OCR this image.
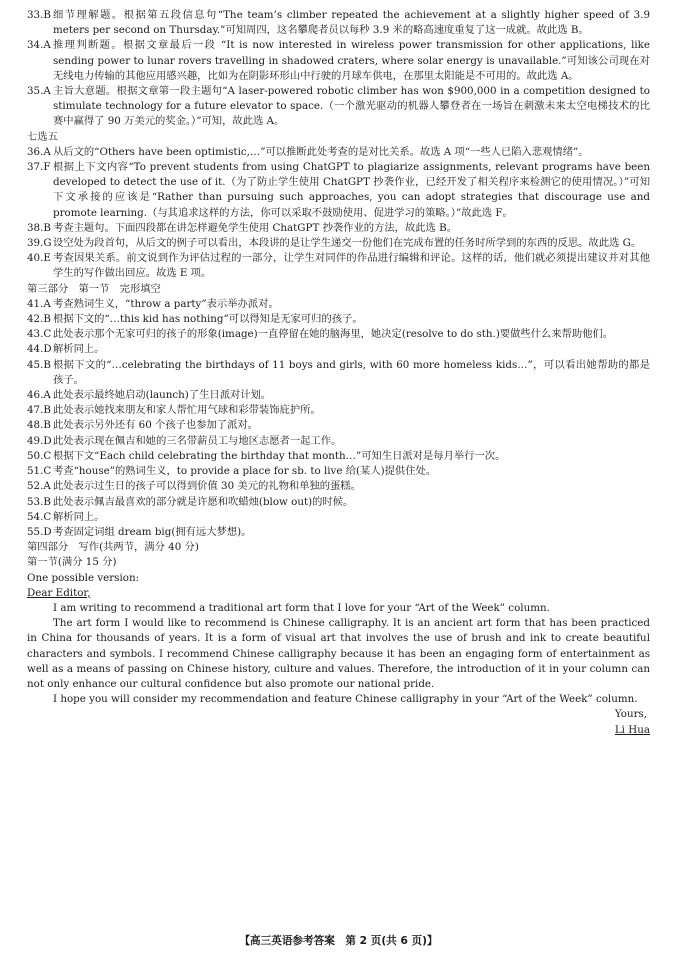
33.B 细节理解题。根据第五段信息句“The team’s climber repeated the achievement at a slightly higher speed of 3.9 meters per second on Thursday.”可知周四，这名攀爬者员以每秒 3.9 米的略高速度重复了这一成就。故此选 B。
34.A 推理判断题。根据文章最后一段 “It is now interested in wireless power transmission for other applications, like sending power to lunar rovers travelling in shadowed craters, where solar energy is unavailable.”可知该公司现在对无线电力传输的其他应用感兴趣，比如为在阴影环形山中行驶的月球车供电，在那里太阳能是不可用的。故此选 A。
35.A 主旨大意题。根据文章第一段主题句“A laser-powered robotic climber has won $900,000 in a competition designed to stimulate technology for a future elevator to space.（一个激光驱动的机器人攀登者在一场旨在刺激未来太空电梯技术的比赛中赢得了 90 万美元的奖金。）”可知，故此选 A。
七选五
36.A 从后文的“Others have been optimistic,…”可以推断此处考查的是对比关系。故选 A 项“一些人已陷入悲观情绪”。
37.F 根据上下文内容“To prevent students from using ChatGPT to plagiarize assignments, relevant programs have been developed to detect the use of it.（为了防止学生使用 ChatGPT 抄袭作业，已经开发了相关程序来检测它的使用情况。）”可知下文承接的应该是“Rather than pursuing such approaches, you can adopt strategies that discourage use and promote learning.（与其追求这样的方法，你可以采取不鼓励使用、促进学习的策略。）”故此选 F。
38.B 考查主题句。下面四段都在讲怎样避免学生使用 ChatGPT 抄袭作业的方法，故此选 B。
39.G 设空处为段首句，从后文的例子可以看出，本段讲的是让学生递交一份他们在完成布置的任务时所学到的东西的反思。故此选 G。
40.E 考查因果关系。前文说到作为评估过程的一部分，让学生对同伴的作品进行编辑和评论。这样的话，他们就必须提出建议并对其他学生的写作做出回应。故选 E 项。
第三部分　第一节　完形填空
41.A 考查熟词生义，“throw a party”表示举办派对。
42.B 根据下文的“…this kid has nothing”可以得知是无家可归的孩子。
43.C 此处表示那个无家可归的孩子的形象(image)一直停留在她的脑海里，她决定(resolve to do sth.)要做些什么来帮助他们。
44.D 解析同上。
45.B 根据下文的“…celebrating the birthdays of 11 boys and girls, with 60 more homeless kids…”，可以看出她帮助的都是孩子。
46.A 此处表示最终她启动(launch)了生日派对计划。
47.B 此处表示她找来朋友和家人帮忙用气球和彩带装饰庇护所。
48.B 此处表示另外还有 60 个孩子也参加了派对。
49.D 此处表示现在佩吉和她的三名带薪员工与地区志愿者一起工作。
50.C 根据下文“Each child celebrating the birthday that month…”可知生日派对是每月举行一次。
51.C 考查“house”的熟词生义，to provide a place for sb. to live 给(某人)提供住处。
52.A 此处表示过生日的孩子可以得到价值 30 美元的礼物和单独的蛋糕。
53.B 此处表示佩吉最喜欢的部分就是许愿和吹蜡烛(blow out)的时候。
54.C 解析同上。
55.D 考查固定词组 dream big(拥有远大梦想)。
第四部分　写作(共两节，满分 40 分)
第一节(满分 15 分)
One possible version:
Dear Editor,
I am writing to recommend a traditional art form that I love for your “Art of the Week” column.
The art form I would like to recommend is Chinese calligraphy. It is an ancient art form that has been practiced in China for thousands of years. It is a form of visual art that involves the use of brush and ink to create beautiful characters and symbols. I recommend Chinese calligraphy because it has been an engaging form of entertainment as well as a means of passing on Chinese history, culture and values. Therefore, the introduction of it in your column can not only enhance our cultural confidence but also promote our national pride.
I hope you will consider my recommendation and feature Chinese calligraphy in your “Art of the Week” column.
Yours,
Li Hua
【高三英语参考答案　第 2 页(共 6 页)】
